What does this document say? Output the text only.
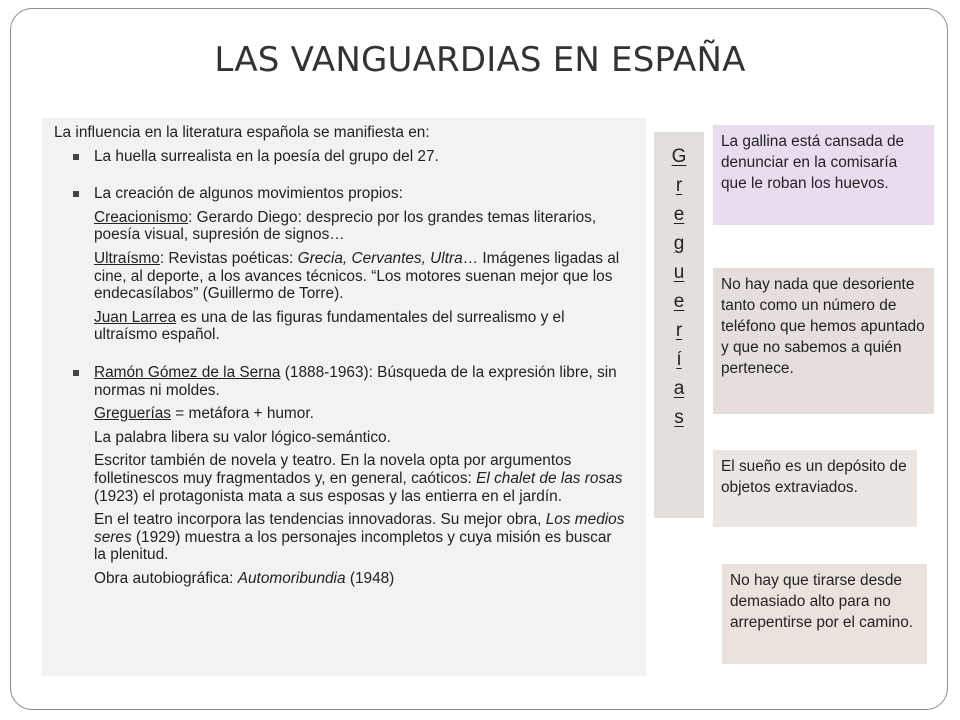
LAS VANGUARDIAS EN ESPAÑA
La influencia en la literatura española se manifiesta en:
La huella surrealista en la poesía del grupo del 27.
La creación de algunos movimientos propios:
Creacionismo: Gerardo Diego: desprecio por los grandes temas literarios, poesía visual, supresión de signos…
Ultraísmo: Revistas poéticas: Grecia, Cervantes, Ultra… Imágenes ligadas al cine, al deporte, a los avances técnicos. “Los motores suenan mejor que los endecasílabos” (Guillermo de Torre).
Juan Larrea es una de las figuras fundamentales del surrealismo y el ultraísmo español.
Ramón Gómez de la Serna (1888-1963): Búsqueda de la expresión libre, sin normas ni moldes.
Greguerías = metáfora + humor.
La palabra libera su valor lógico-semántico.
Escritor también de novela y teatro. En la novela opta por argumentos folletinescos muy fragmentados y, en general, caóticos: El chalet de las rosas (1923) el protagonista mata a sus esposas y las entierra en el jardín.
En el teatro incorpora las tendencias innovadoras. Su mejor obra, Los medios seres (1929) muestra a los personajes incompletos y cuya misión es buscar la plenitud.
Obra autobiográfica: Automoribundia (1948)
G
r
e
g
u
e
r
í
a
s
La gallina está cansada de denunciar en la comisaría que le roban los huevos.
No hay nada que desoriente tanto como un número de teléfono que hemos apuntado y que no sabemos a quién pertenece.
El sueño es un depósito de objetos extraviados.
No hay que tirarse desde demasiado alto para no arrepentirse por el camino.
